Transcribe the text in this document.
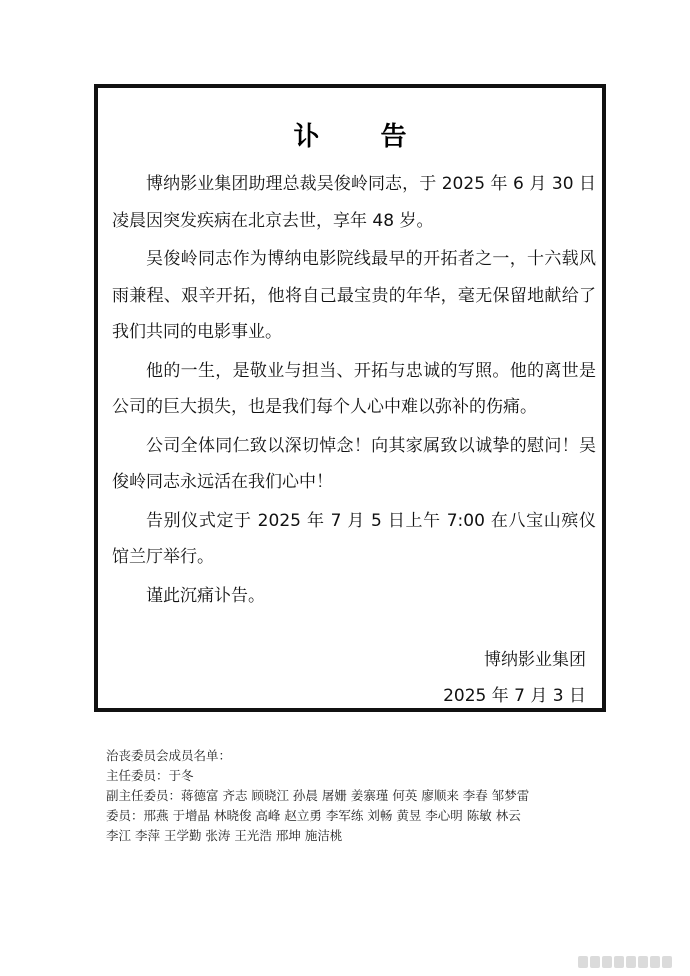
讣 告

博纳影业集团助理总裁吴俊岭同志，于 2025 年 6 月 30 日凌晨因突发疾病在北京去世，享年 48 岁。

吴俊岭同志作为博纳电影院线最早的开拓者之一，十六载风雨兼程、艰辛开拓，他将自己最宝贵的年华，毫无保留地献给了我们共同的电影事业。

他的一生，是敬业与担当、开拓与忠诚的写照。他的离世是公司的巨大损失，也是我们每个人心中难以弥补的伤痛。

公司全体同仁致以深切悼念！向其家属致以诚挚的慰问！吴俊岭同志永远活在我们心中！

告别仪式定于 2025 年 7 月 5 日上午 7:00 在八宝山殡仪馆兰厅举行。

谨此沉痛讣告。

博纳影业集团
2025 年 7 月 3 日
治丧委员会成员名单：
主任委员：于冬
副主任委员：蒋德富 齐志 顾晓江 孙晨 屠姗 姜寨瑾 何英 廖顺来 李春 邹梦雷
委员：邢燕 于增晶 林晓俊 高峰 赵立勇 李军练 刘畅 黄昱 李心明 陈敏 林云
李江 李萍 王学勤 张涛 王光浩 邢坤 施洁桃
